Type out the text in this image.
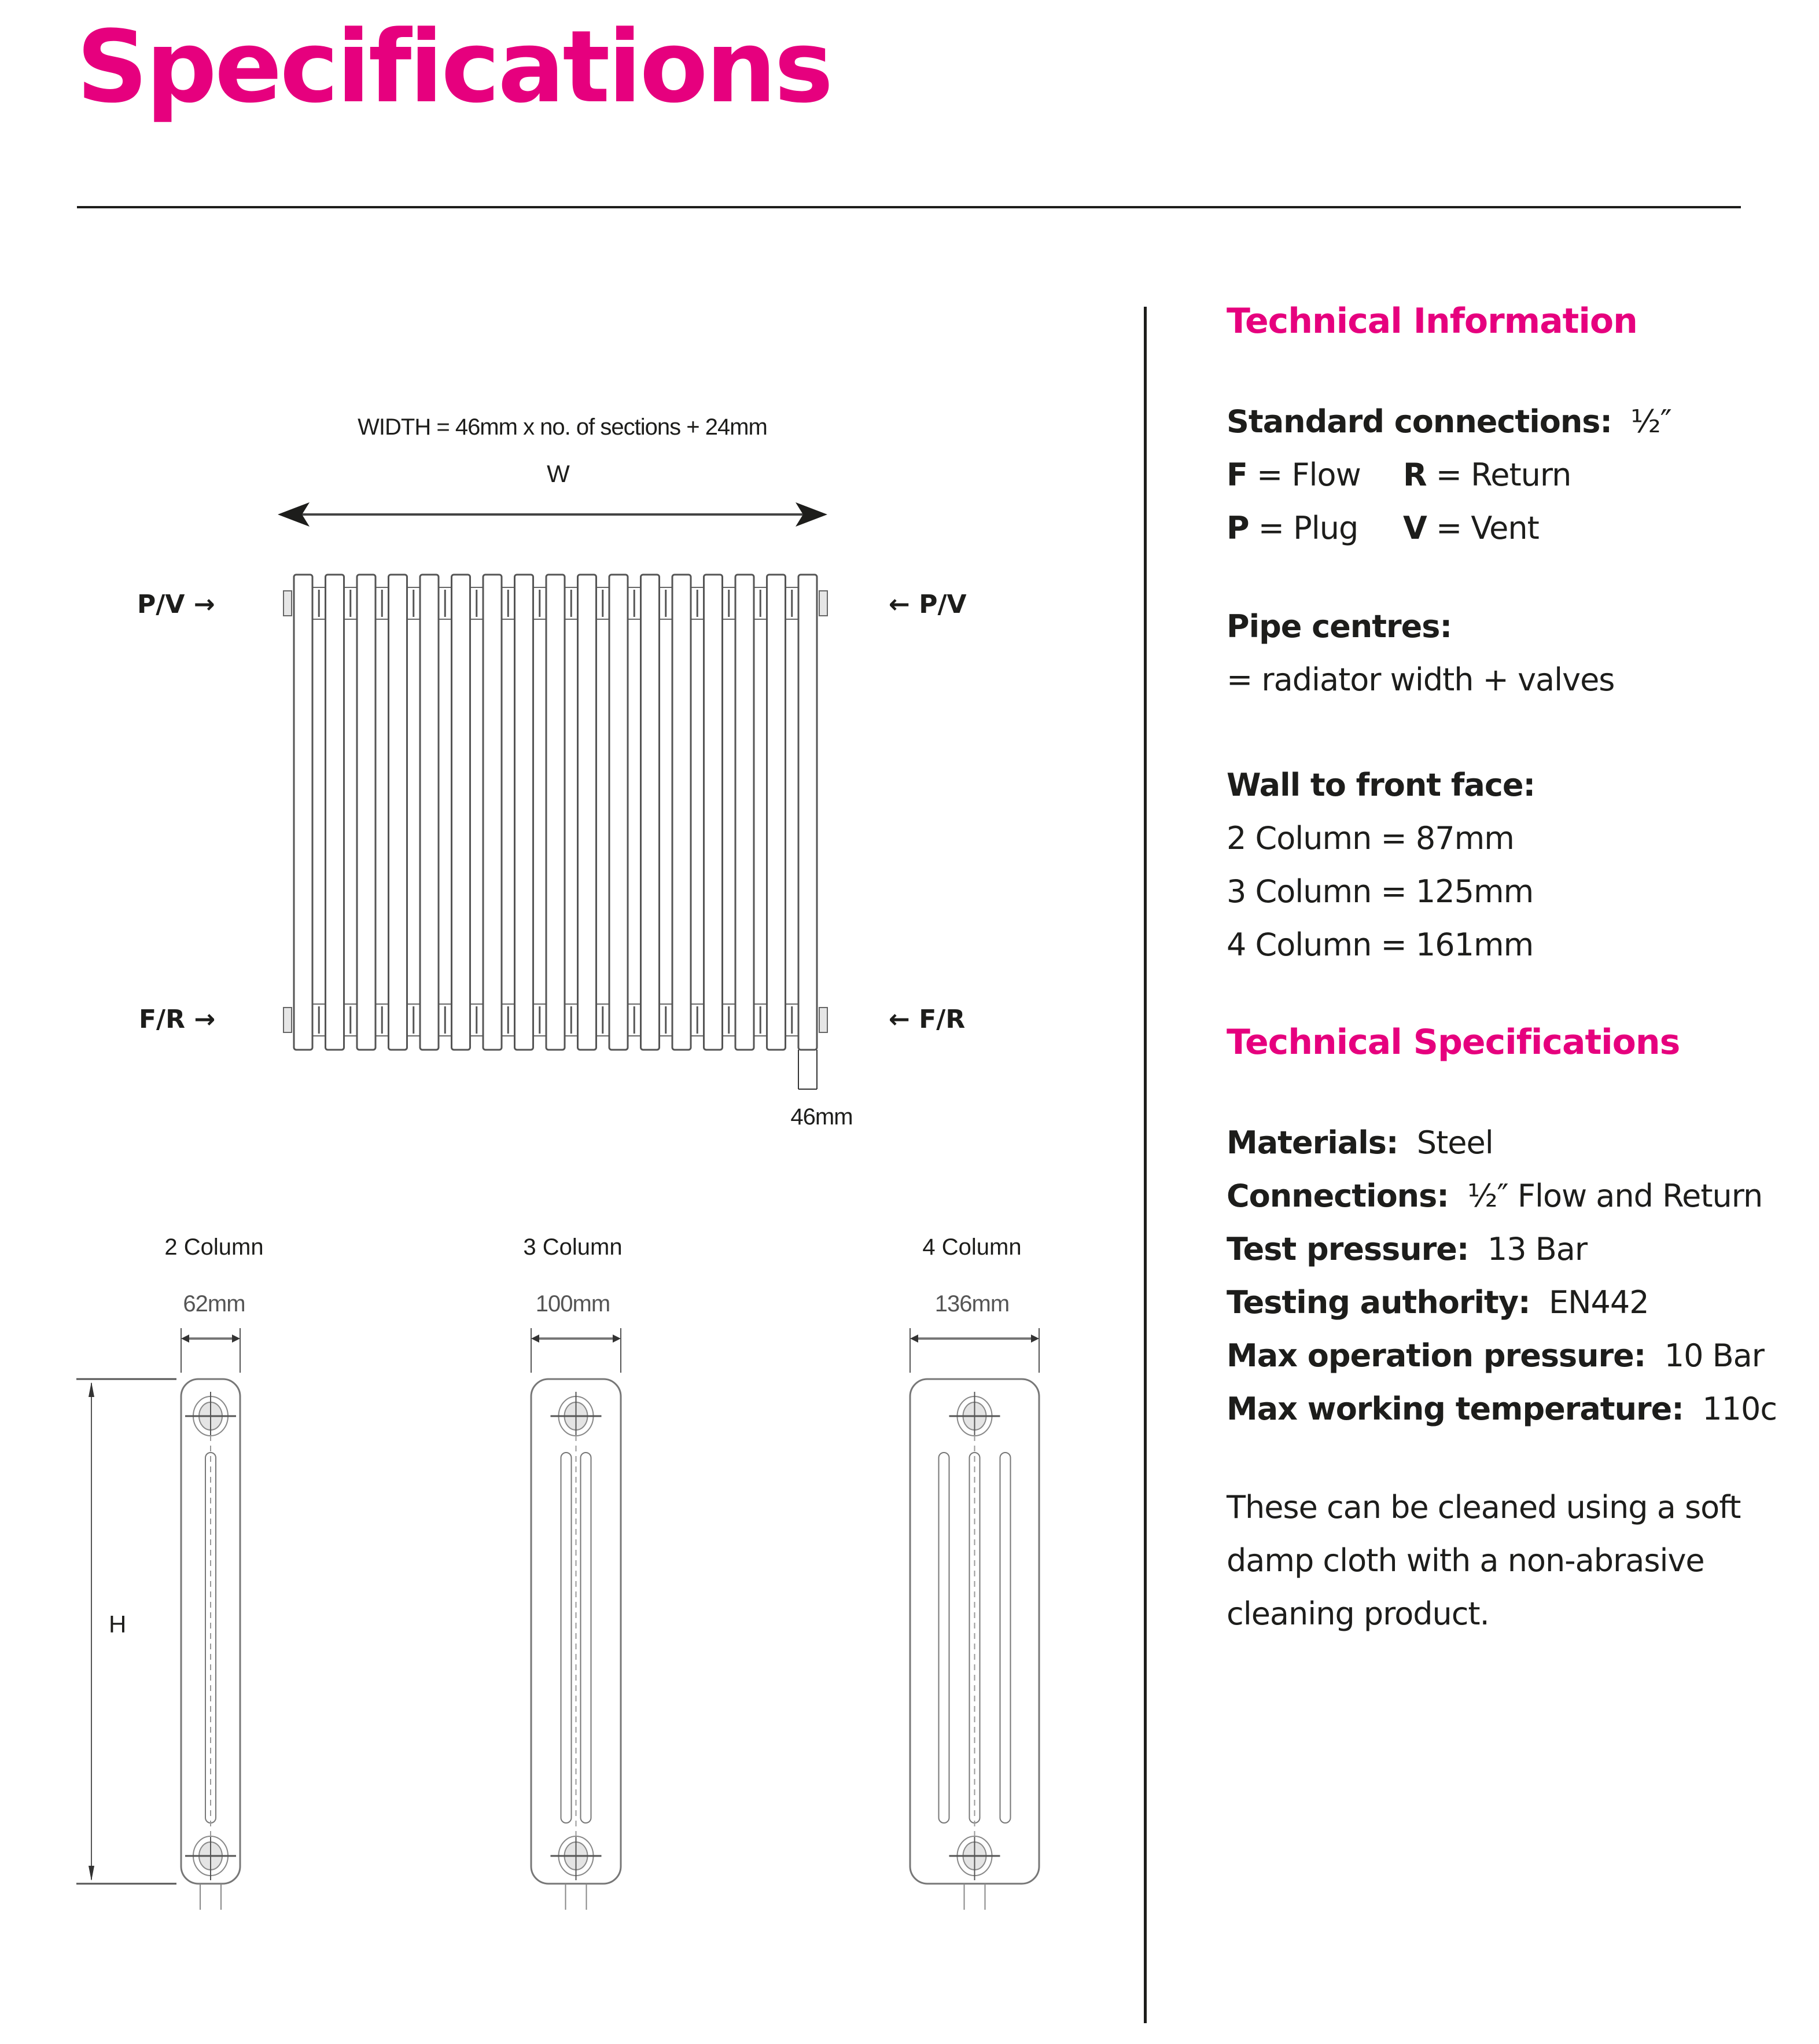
Specifications
WIDTH = 46mm x no. of sections + 24mm
W
P/V →	← P/V
F/R →	← F/R
46mm
2 Column	3 Column	4 Column
62mm	100mm	136mm
H
Technical Information
Standard connections: ½″
F = Flow R = Return
P = Plug V = Vent
Pipe centres:
= radiator width + valves
Wall to front face:
2 Column = 87mm
3 Column = 125mm
4 Column = 161mm
Technical Specifications
Materials: Steel
Connections: ½″ Flow and Return
Test pressure: 13 Bar
Testing authority: EN442
Max operation pressure: 10 Bar
Max working temperature: 110c
These can be cleaned using a soft
damp cloth with a non-abrasive
cleaning product.
